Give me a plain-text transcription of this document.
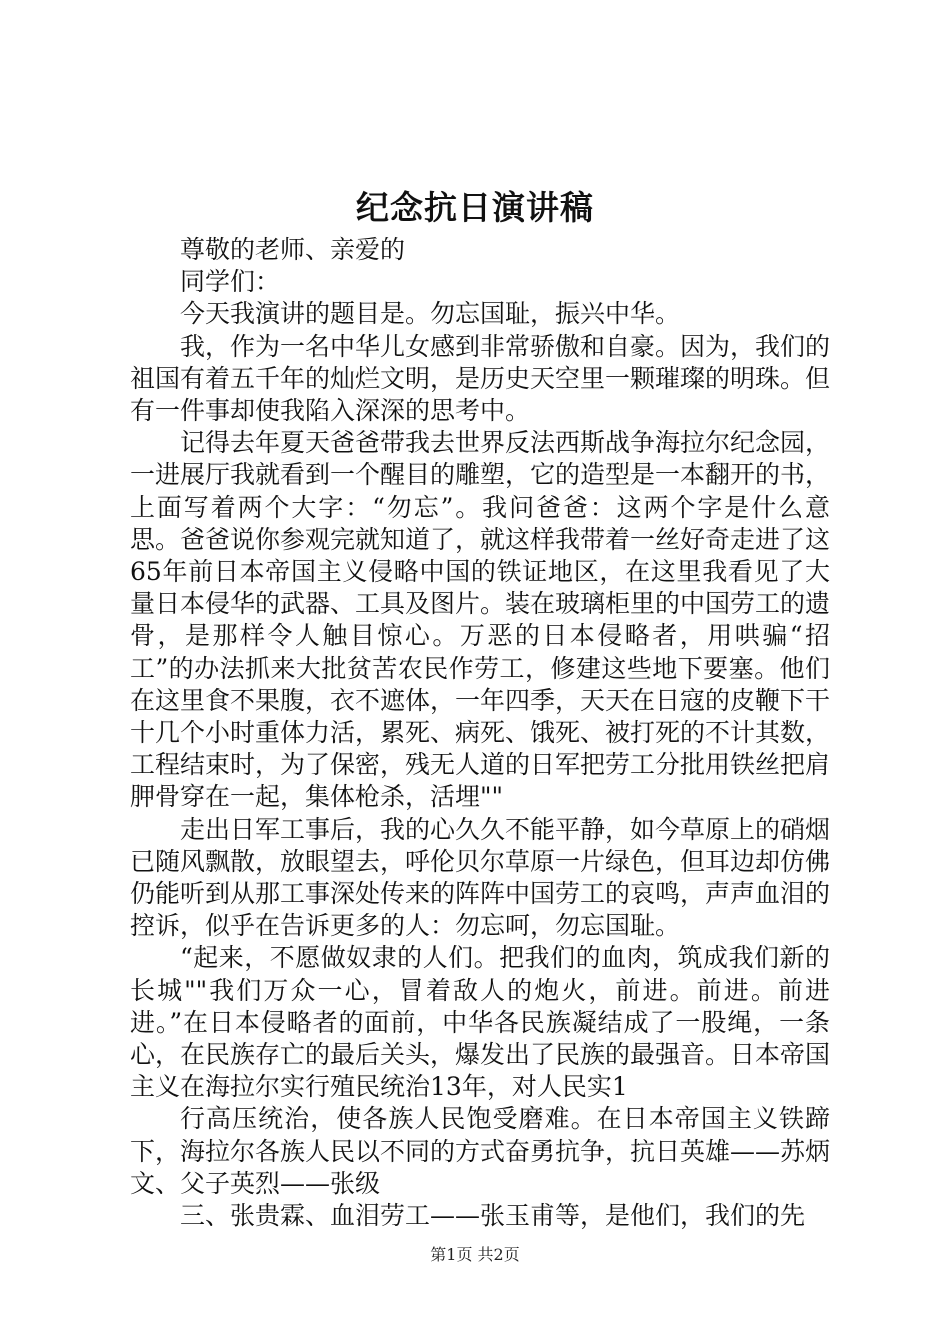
纪念抗日演讲稿

尊敬的老师、亲爱的

同学们：

今天我演讲的题目是。勿忘国耻，振兴中华。

我，作为一名中华儿女感到非常骄傲和自豪。因为，我们的祖国有着五千年的灿烂文明，是历史天空里一颗璀璨的明珠。但有一件事却使我陷入深深的思考中。

记得去年夏天爸爸带我去世界反法西斯战争海拉尔纪念园，一进展厅我就看到一个醒目的雕塑，它的造型是一本翻开的书，上面写着两个大字：“勿忘”。我问爸爸：这两个字是什么意思。爸爸说你参观完就知道了，就这样我带着一丝好奇走进了这65年前日本帝国主义侵略中国的铁证地区，在这里我看见了大量日本侵华的武器、工具及图片。装在玻璃柜里的中国劳工的遗骨，是那样令人触目惊心。万恶的日本侵略者，用哄骗“招工”的办法抓来大批贫苦农民作劳工，修建这些地下要塞。他们在这里食不果腹，衣不遮体，一年四季，天天在日寇的皮鞭下干十几个小时重体力活，累死、病死、饿死、被打死的不计其数，工程结束时，为了保密，残无人道的日军把劳工分批用铁丝把肩胛骨穿在一起，集体枪杀，活埋""

走出日军工事后，我的心久久不能平静，如今草原上的硝烟已随风飘散，放眼望去，呼伦贝尔草原一片绿色，但耳边却仿佛仍能听到从那工事深处传来的阵阵中国劳工的哀鸣，声声血泪的控诉，似乎在告诉更多的人：勿忘呵，勿忘国耻。

“起来，不愿做奴隶的人们。把我们的血肉，筑成我们新的长城""我们万众一心，冒着敌人的炮火，前进。前进。前进进。”在日本侵略者的面前，中华各民族凝结成了一股绳，一条心，在民族存亡的最后关头，爆发出了民族的最强音。日本帝国主义在海拉尔实行殖民统治13年，对人民实1

行高压统治，使各族人民饱受磨难。在日本帝国主义铁蹄下，海拉尔各族人民以不同的方式奋勇抗争，抗日英雄——苏炳文、父子英烈——张级

三、张贵霖、血泪劳工——张玉甫等，是他们，我们的先

第1页 共2页
